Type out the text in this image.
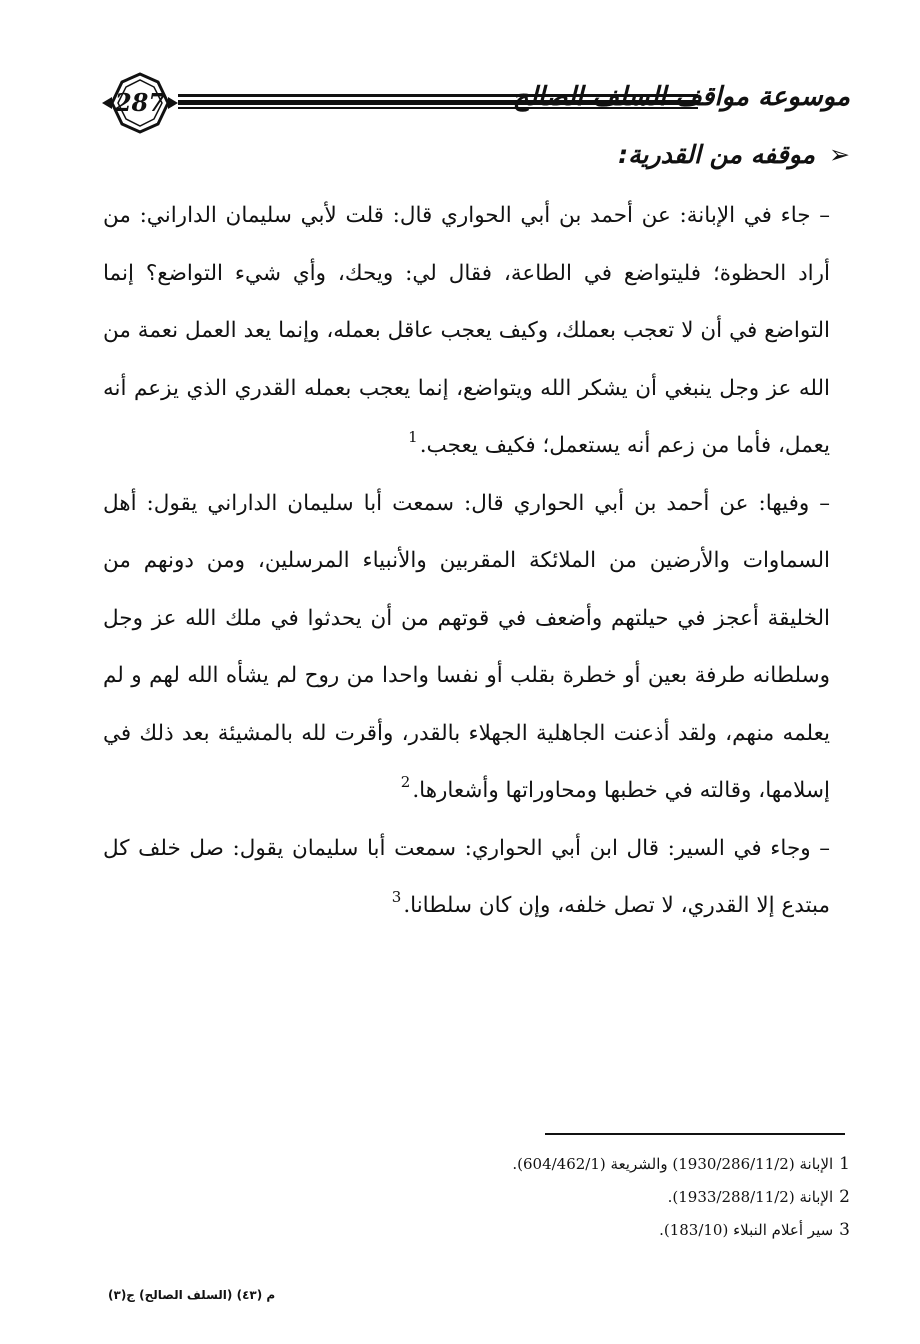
287	موسوعة مواقف السلف الصالح
➢موقفه من القدرية:

– جاء في الإبانة: عن أحمد بن أبي الحواري قال: قلت لأبي سليمان الداراني: من أراد الحظوة؛ فليتواضع في الطاعة، فقال لي: ويحك، وأي شيء التواضع؟ إنما التواضع في أن لا تعجب بعملك، وكيف يعجب عاقل بعمله، وإنما يعد العمل نعمة من الله عز وجل ينبغي أن يشكر الله ويتواضع، إنما يعجب بعمله القدري الذي يزعم أنه يعمل، فأما من زعم أنه يستعمل؛ فكيف يعجب.$^1$

– وفيها: عن أحمد بن أبي الحواري قال: سمعت أبا سليمان الداراني يقول: أهل السماوات والأرضين من الملائكة المقربين والأنبياء المرسلين، ومن دونهم من الخليقة أعجز في حيلتهم وأضعف في قوتهم من أن يحدثوا في ملك الله عز وجل وسلطانه طرفة بعين أو خطرة بقلب أو نفسا واحدا من روح لم يشأه الله لهم و لم يعلمه منهم، ولقد أذعنت الجاهلية الجهلاء بالقدر، وأقرت لله بالمشيئة بعد ذلك في إسلامها، وقالته في خطبها ومحاوراتها وأشعارها.$^2$

– وجاء في السير: قال ابن أبي الحواري: سمعت أبا سليمان يقول: صل خلف كل مبتدع إلا القدري، لا تصل خلفه، وإن كان سلطانا.$^3$

1الإبانة (1930/286/11/2) والشريعة (604/462/1).
2الإبانة (1933/288/11/2).
3سير أعلام النبلاء (183/10).
م (٤٣) (السلف الصالح) ج(٣)
